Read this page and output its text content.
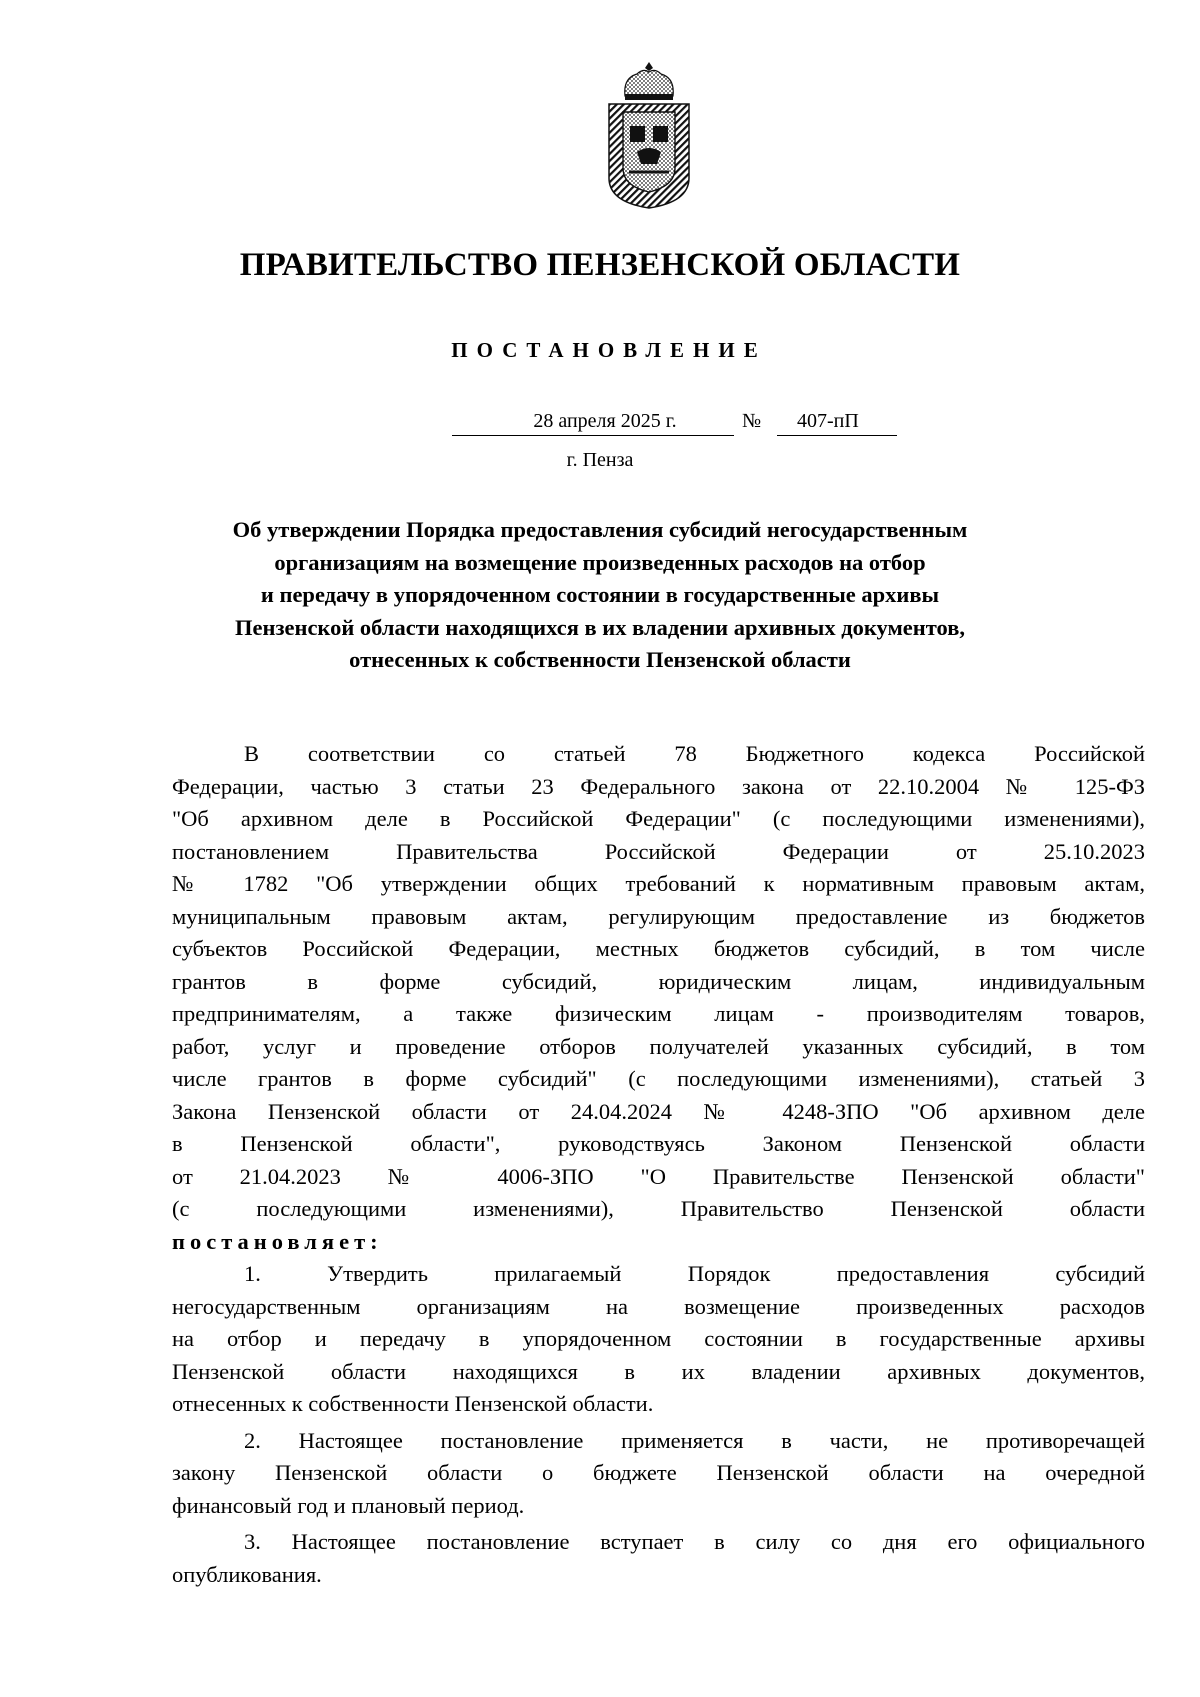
ПРАВИТЕЛЬСТВО ПЕНЗЕНСКОЙ ОБЛАСТИ
ПОСТАНОВЛЕНИЕ
28 апреля 2025 г.	№	407-пП
г. Пенза
Об утверждении Порядка предоставления субсидий негосударственным
организациям на возмещение произведенных расходов на отбор
и передачу в упорядоченном состоянии в государственные архивы
Пензенской области находящихся в их владении архивных документов,
отнесенных к собственности Пензенской области
В соответствии со статьей 78 Бюджетного кодекса Российской
Федерации, частью 3 статьи 23 Федерального закона от 22.10.2004 № 125-ФЗ
"Об архивном деле в Российской Федерации" (с последующими изменениями),
постановлением Правительства Российской Федерации от 25.10.2023
№ 1782 "Об утверждении общих требований к нормативным правовым актам,
муниципальным правовым актам, регулирующим предоставление из бюджетов
субъектов Российской Федерации, местных бюджетов субсидий, в том числе
грантов в форме субсидий, юридическим лицам, индивидуальным
предпринимателям, а также физическим лицам - производителям товаров,
работ, услуг и проведение отборов получателей указанных субсидий, в том
числе грантов в форме субсидий" (с последующими изменениями), статьей 3
Закона Пензенской области от 24.04.2024 № 4248-ЗПО "Об архивном деле
в Пензенской области", руководствуясь Законом Пензенской области
от 21.04.2023 № 4006-ЗПО "О Правительстве Пензенской области"
(с последующими изменениями), Правительство Пензенской области
постановляет:
1. Утвердить прилагаемый Порядок предоставления субсидий
негосударственным организациям на возмещение произведенных расходов
на отбор и передачу в упорядоченном состоянии в государственные архивы
Пензенской области находящихся в их владении архивных документов,
отнесенных к собственности Пензенской области.
2. Настоящее постановление применяется в части, не противоречащей
закону Пензенской области о бюджете Пензенской области на очередной
финансовый год и плановый период.
3. Настоящее постановление вступает в силу со дня его официального
опубликования.
